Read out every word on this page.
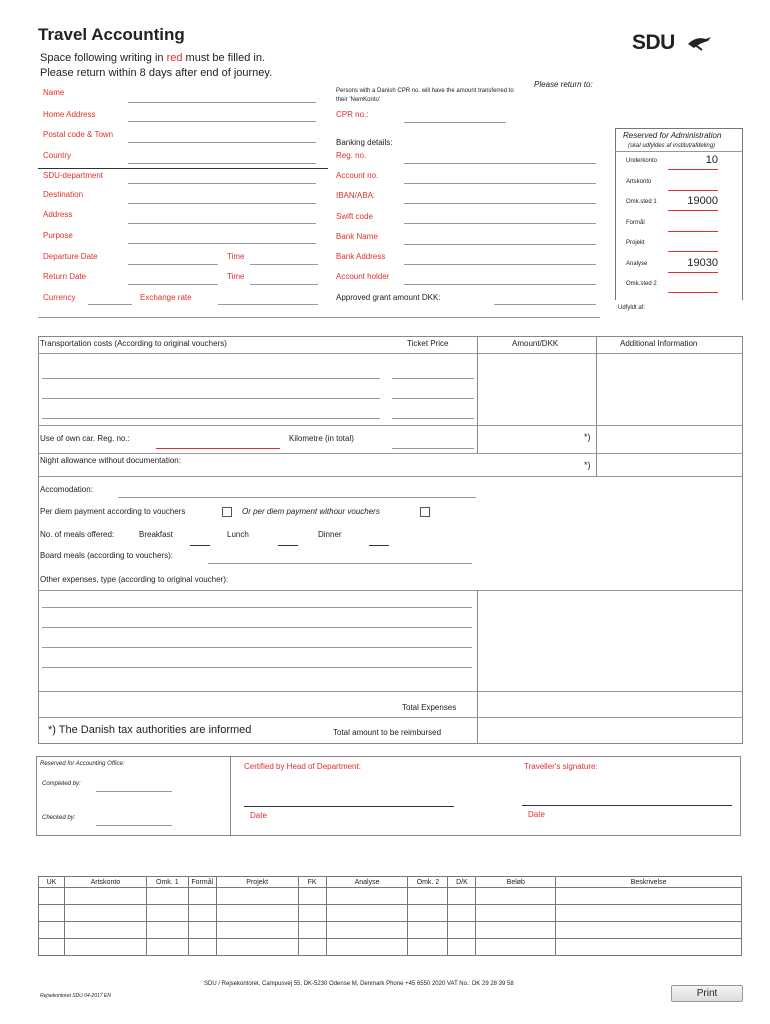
Travel Accounting
Space following writing in red must be filled in.
Please return within 8 days after end of journey.
SDU
Name
Home Address
Postal code & Town
Country
SDU-department
Destination
Address
Purpose
Departure Date	Time
Return Date	Time
Currency	Exchange rate
Persons with a Danish CPR no. will have the amount transferred to their 'NemKonto'
Please return to:
CPR no.:
Banking details:
Reg. no.
Account no.
IBAN/ABA:
Swift code
Bank Name
Bank Address
Account holder
Approved grant amount DKK:
Reserved for Administration
(skal udfyldes af institut/afdeling)
Underkonto	10
Artskonto
Omk.sted 1	19000
Formål
Projekt
Analyse	19030
Omk.sted 2
Udfyldt af:
Transportation costs (According to original vouchers)	Ticket Price	Amount/DKK	Additional Information
Use of own car. Reg. no.:	Kilometre (in total)	*)
Night allowance without documentation:	*)
Accomodation:
Per diem payment according to vouchers	Or per diem payment withour vouchers
No. of meals offered:	Breakfast	Lunch	Dinner
Board meals (according to vouchers):
Other expenses, type (according to original voucher):
Total Expenses
*) The Danish tax authorities are informed	Total amount to be reimbursed
Reserved for Accounting Office:
Completed by:
Checked by:
Certified by Head of Department:
Date
Traveller's signature:
Date
UK	Artskonto	Omk. 1	Formål	Projekt	FK	Analyse	Omk. 2	D/K	Beløb	Beskrivelse

SDU / Rejsekontoret, Campusvej 55, DK-5230 Odense M, Denmark Phone +45 6550 2020 VAT No.: DK 29 28 39 58
Rejsekontoret SDU 04-2017 EN	Print
